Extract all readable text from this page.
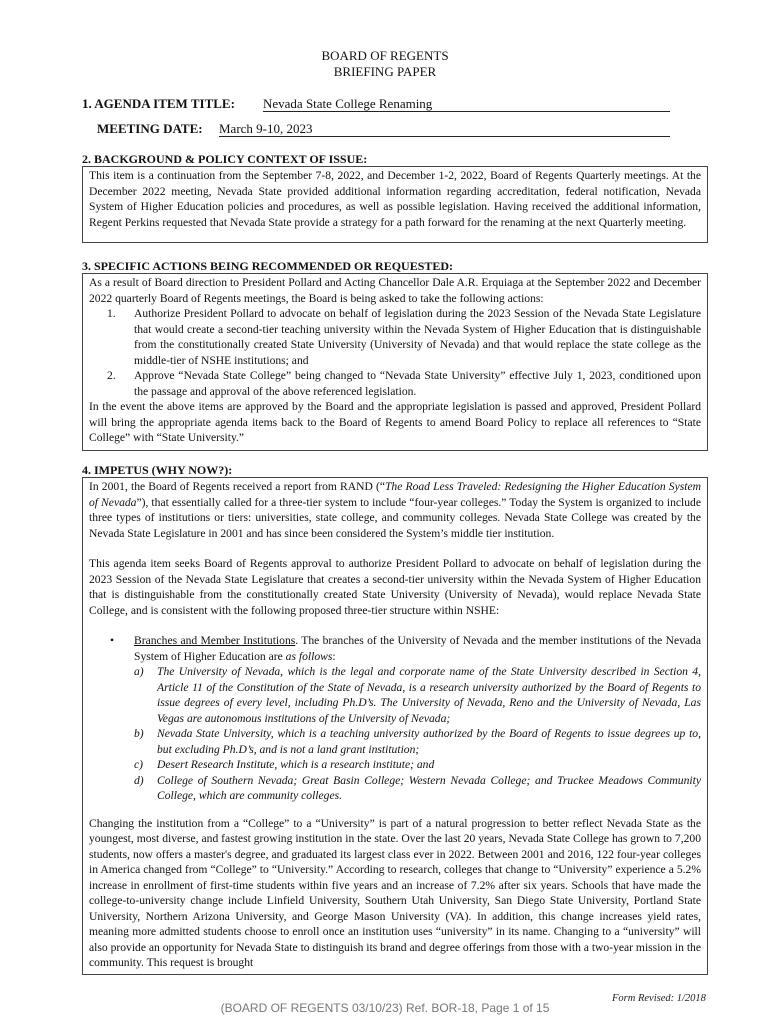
BOARD OF REGENTS
BRIEFING PAPER
1. AGENDA ITEM TITLE: Nevada State College Renaming
MEETING DATE: March 9-10, 2023
2. BACKGROUND & POLICY CONTEXT OF ISSUE:

This item is a continuation from the September 7-8, 2022, and December 1-2, 2022, Board of Regents Quarterly meetings. At the December 2022 meeting, Nevada State provided additional information regarding accreditation, federal notification, Nevada System of Higher Education policies and procedures, as well as possible legislation. Having received the additional information, Regent Perkins requested that Nevada State provide a strategy for a path forward for the renaming at the next Quarterly meeting.

3. SPECIFIC ACTIONS BEING RECOMMENDED OR REQUESTED:

As a result of Board direction to President Pollard and Acting Chancellor Dale A.R. Erquiaga at the September 2022 and December 2022 quarterly Board of Regents meetings, the Board is being asked to take the following actions:

1.	Authorize President Pollard to advocate on behalf of legislation during the 2023 Session of the Nevada State Legislature that would create a second-tier teaching university within the Nevada System of Higher Education that is distinguishable from the constitutionally created State University (University of Nevada) and that would replace the state college as the middle-tier of NSHE institutions; and
2.	Approve “Nevada State College” being changed to “Nevada State University” effective July 1, 2023, conditioned upon the passage and approval of the above referenced legislation.

In the event the above items are approved by the Board and the appropriate legislation is passed and approved, President Pollard will bring the appropriate agenda items back to the Board of Regents to amend Board Policy to replace all references to “State College” with “State University.”

4. IMPETUS (WHY NOW?):

In 2001, the Board of Regents received a report from RAND (“The Road Less Traveled: Redesigning the Higher Education System of Nevada”), that essentially called for a three-tier system to include “four-year colleges.” Today the System is organized to include three types of institutions or tiers: universities, state college, and community colleges. Nevada State College was created by the Nevada State Legislature in 2001 and has since been considered the System’s middle tier institution.

This agenda item seeks Board of Regents approval to authorize President Pollard to advocate on behalf of legislation during the 2023 Session of the Nevada State Legislature that creates a second-tier university within the Nevada System of Higher Education that is distinguishable from the constitutionally created State University (University of Nevada), would replace Nevada State College, and is consistent with the following proposed three-tier structure within NSHE:

•	Branches and Member Institutions. The branches of the University of Nevada and the member institutions of the Nevada System of Higher Education are as follows:

a)	The University of Nevada, which is the legal and corporate name of the State University described in Section 4, Article 11 of the Constitution of the State of Nevada, is a research university authorized by the Board of Regents to issue degrees of every level, including Ph.D’s. The University of Nevada, Reno and the University of Nevada, Las Vegas are autonomous institutions of the University of Nevada;
b)	Nevada State University, which is a teaching university authorized by the Board of Regents to issue degrees up to, but excluding Ph.D’s, and is not a land grant institution;
c)	Desert Research Institute, which is a research institute; and
d)	College of Southern Nevada; Great Basin College; Western Nevada College; and Truckee Meadows Community College, which are community colleges.

Changing the institution from a “College” to a “University” is part of a natural progression to better reflect Nevada State as the youngest, most diverse, and fastest growing institution in the state. Over the last 20 years, Nevada State College has grown to 7,200 students, now offers a master's degree, and graduated its largest class ever in 2022. Between 2001 and 2016, 122 four-year colleges in America changed from “College” to “University.” According to research, colleges that change to “University” experience a 5.2% increase in enrollment of first-time students within five years and an increase of 7.2% after six years. Schools that have made the college-to-university change include Linfield University, Southern Utah University, San Diego State University, Portland State University, Northern Arizona University, and George Mason University (VA). In addition, this change increases yield rates, meaning more admitted students choose to enroll once an institution uses “university” in its name. Changing to a “university” will also provide an opportunity for Nevada State to distinguish its brand and degree offerings from those with a two-year mission in the community. This request is brought

Form Revised: 1/2018
(BOARD OF REGENTS 03/10/23) Ref. BOR-18, Page 1 of 15
